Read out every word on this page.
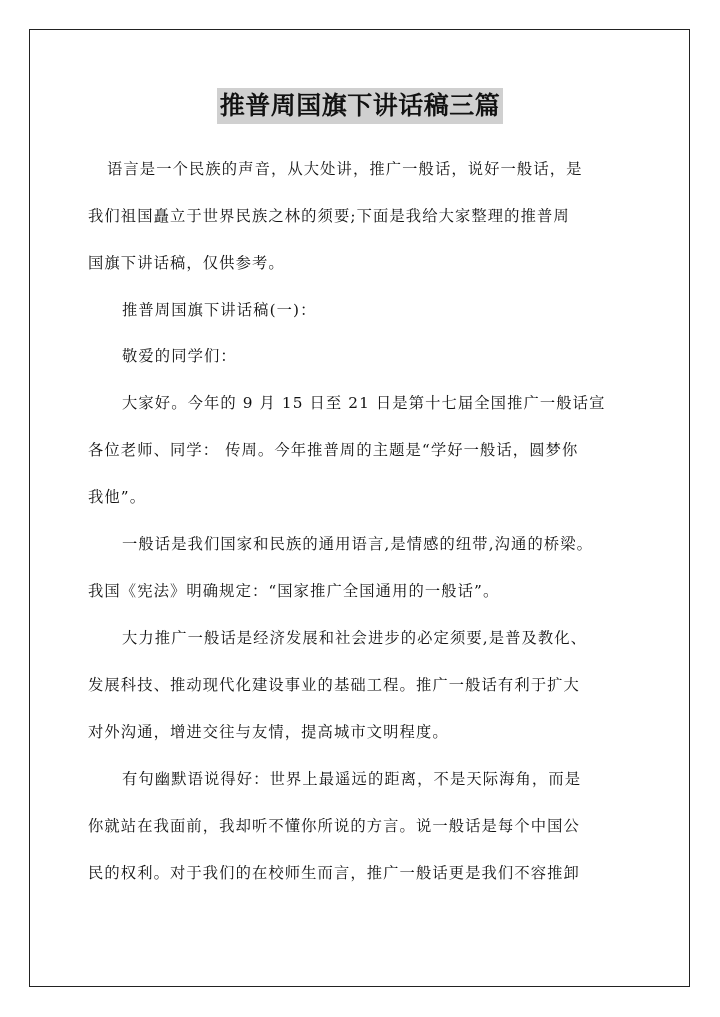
推普周国旗下讲话稿三篇
语言是一个民族的声音，从大处讲，推广一般话，说好一般话，是
我们祖国矗立于世界民族之林的须要;下面是我给大家整理的推普周
国旗下讲话稿，仅供参考。
推普周国旗下讲话稿(一)：
敬爱的同学们：
大家好。今年的 9 月 15 日至 21 日是第十七届全国推广一般话宣
各位老师、同学： 传周。今年推普周的主题是“学好一般话，圆梦你
我他”。
一般话是我们国家和民族的通用语言,是情感的纽带,沟通的桥梁。
我国《宪法》明确规定：“国家推广全国通用的一般话”。
大力推广一般话是经济发展和社会进步的必定须要,是普及教化、
发展科技、推动现代化建设事业的基础工程。推广一般话有利于扩大
对外沟通，增进交往与友情，提高城市文明程度。
有句幽默语说得好：世界上最遥远的距离，不是天际海角，而是
你就站在我面前，我却听不懂你所说的方言。说一般话是每个中国公
民的权利。对于我们的在校师生而言，推广一般话更是我们不容推卸
